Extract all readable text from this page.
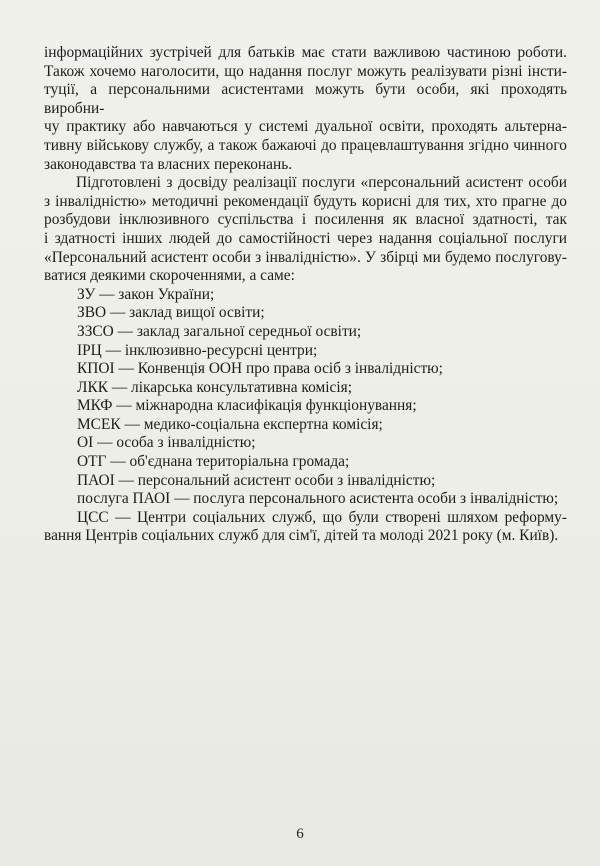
інформаційних зустрічей для батьків має стати важливою частиною роботи.
Також хочемо наголосити, що надання послуг можуть реалізувати різні інсти-
туції, а персональними асистентами можуть бути особи, які проходять виробни-
чу практику або навчаються у системі дуальної освіти, проходять альтерна-
тивну військову службу, а також бажаючі до працевлаштування згідно чинного
законодавства та власних переконань.
Підготовлені з досвіду реалізації послуги «персональний асистент особи
з інвалідністю» методичні рекомендації будуть корисні для тих, хто прагне до
розбудови інклюзивного суспільства і посилення як власної здатності, так
і здатності інших людей до самостійності через надання соціальної послуги
«Персональний асистент особи з інвалідністю». У збірці ми будемо послугову-
ватися деякими скороченнями, а саме:
ЗУ — закон України;
ЗВО — заклад вищої освіти;
ЗЗСО — заклад загальної середньої освіти;
ІРЦ — інклюзивно-ресурсні центри;
КПОІ — Конвенція ООН про права осіб з інвалідністю;
ЛКК — лікарська консультативна комісія;
МКФ — міжнародна класифікація функціонування;
МСЕК — медико-соціальна експертна комісія;
ОІ — особа з інвалідністю;
ОТГ — об'єднана територіальна громада;
ПАОІ — персональний асистент особи з інвалідністю;
послуга ПАОІ — послуга персонального асистента особи з інвалідністю;
ЦСС — Центри соціальних служб, що були створені шляхом реформу-
вання Центрів соціальних служб для сім'ї, дітей та молоді 2021 року (м. Київ).
6
